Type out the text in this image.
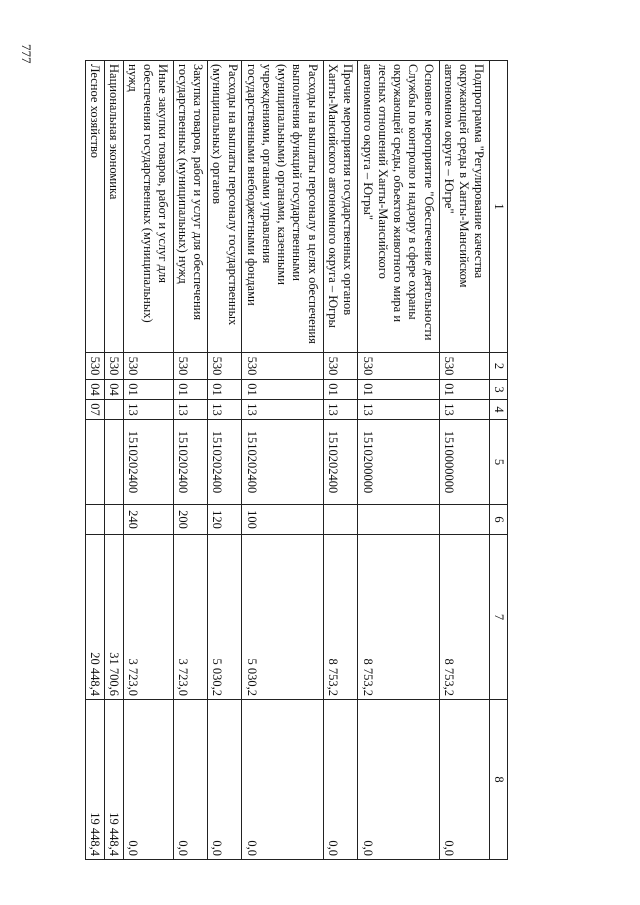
777
1	2	3	4	5	6	7	8
Подпрограмма "Регулирование качества окружающей среды в Ханты-Мансийском автономном округе – Югре"	530	01	13	1510000000		8 753,2	0,0
Основное мероприятие "Обеспечение деятельности Службы по контролю и надзору в сфере охраны окружающей среды, объектов животного мира и лесных отношений Ханты-Мансийского автономного округа – Югры"	530	01	13	1510200000		8 753,2	0,0
Прочие мероприятия государственных органов Ханты-Мансийского автономного округа – Югры	530	01	13	1510202400		8 753,2	0,0
Расходы на выплаты персоналу в целях обеспечения выполнения функций государственными (муниципальными) органами, казенными учреждениями, органами управления государственными внебюджетными фондами	530	01	13	1510202400	100	5 030,2	0,0
Расходы на выплаты персоналу государственных (муниципальных) органов	530	01	13	1510202400	120	5 030,2	0,0
Закупка товаров, работ и услуг для обеспечения государственных (муниципальных) нужд	530	01	13	1510202400	200	3 723,0	0,0
Иные закупки товаров, работ и услуг для обеспечения государственных (муниципальных) нужд	530	01	13	1510202400	240	3 723,0	0,0
Национальная экономика	530	04				31 700,6	19 448,4
Лесное хозяйство	530	04	07			20 448,4	19 448,4
